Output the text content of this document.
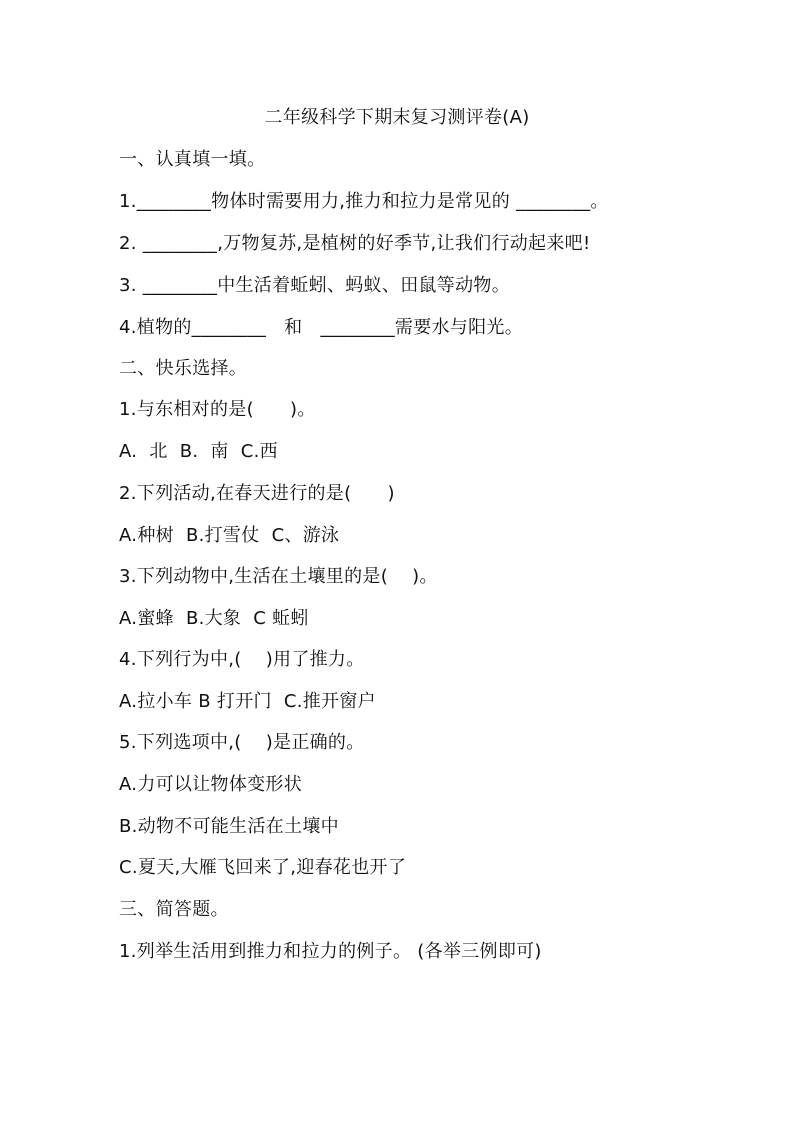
二年级科学下期末复习测评卷(A)
一、认真填一填。
1.________物体时需要用力,推力和拉力是常见的 ________。
2. ________,万物复苏,是植树的好季节,让我们行动起来吧!
3. ________中生活着蚯蚓、蚂蚁、田鼠等动物。
4.植物的________   和   ________需要水与阳光。
二、快乐选择。
1.与东相对的是(      )。
A.  北  B.  南  C.西
2.下列活动,在春天进行的是(      )
A.种树  B.打雪仗  C、游泳
3.下列动物中,生活在土壤里的是(    )。
A.蜜蜂  B.大象  C 蚯蚓
4.下列行为中,(    )用了推力。
A.拉小车 B 打开门  C.推开窗户
5.下列选项中,(    )是正确的。
A.力可以让物体变形状
B.动物不可能生活在土壤中
C.夏天,大雁飞回来了,迎春花也开了
三、简答题。
1.列举生活用到推力和拉力的例子。 (各举三例即可)
